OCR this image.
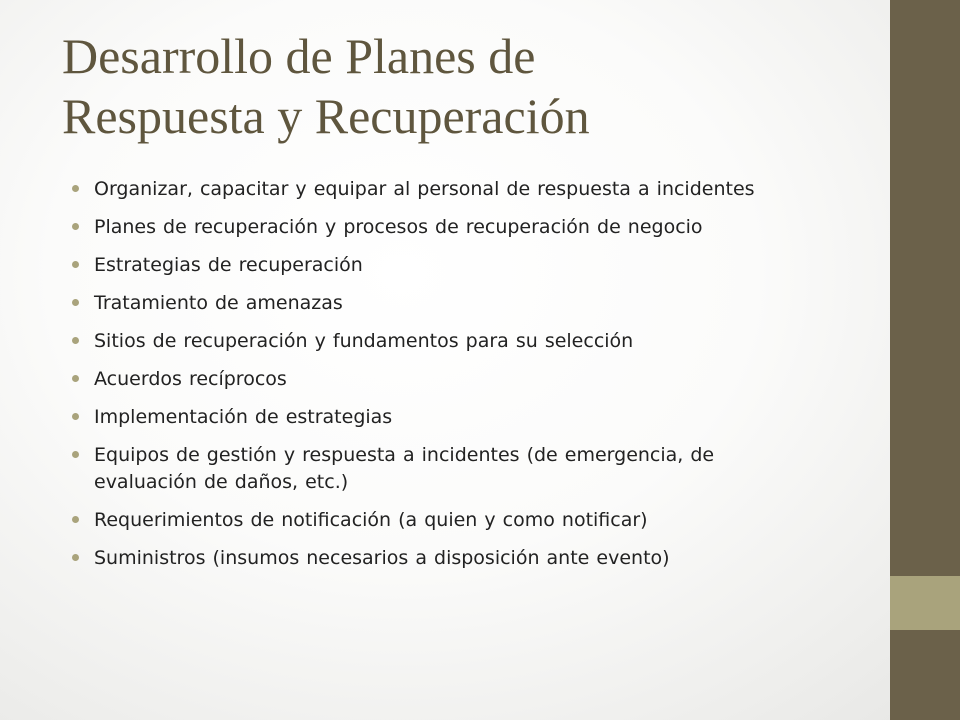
Desarrollo de Planes de
Respuesta y Recuperación
Organizar, capacitar y equipar al personal de respuesta a incidentes
Planes de recuperación y procesos de recuperación de negocio
Estrategias de recuperación
Tratamiento de amenazas
Sitios de recuperación y fundamentos para su selección
Acuerdos recíprocos
Implementación de estrategias
Equipos de gestión y respuesta a incidentes (de emergencia, de evaluación de daños, etc.)
Requerimientos de notificación (a quien y como notificar)
Suministros (insumos necesarios a disposición ante evento)
